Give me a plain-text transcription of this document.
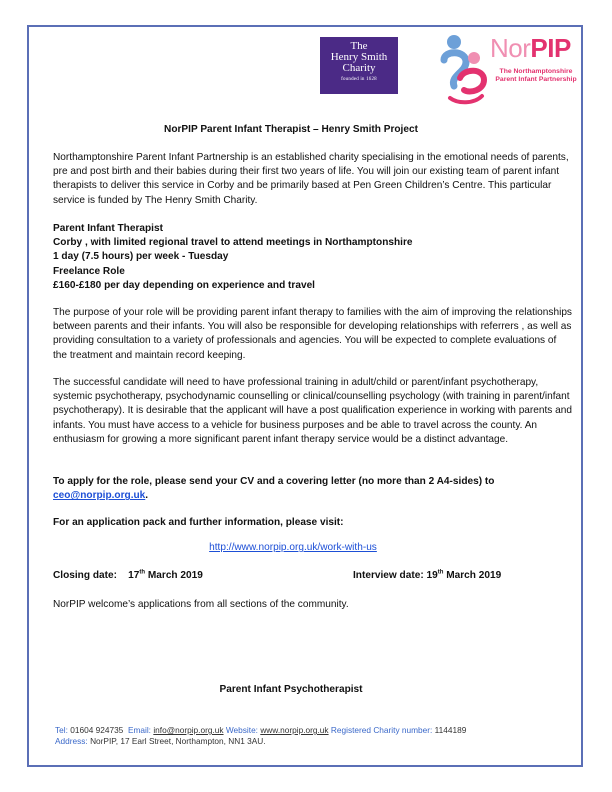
The
Henry Smith
Charity
founded in 1628
NorPIP
The Northamptonshire
Parent Infant Partnership
NorPIP Parent Infant Therapist – Henry Smith Project

Northamptonshire Parent Infant Partnership is an established charity specialising in the emotional needs of parents, pre and post birth and their babies during their first two years of life. You will join our existing team of parent infant therapists to deliver this service in Corby and be primarily based at Pen Green Children’s Centre. This particular service is funded by The Henry Smith Charity.

Parent Infant Therapist
Corby , with limited regional travel to attend meetings in Northamptonshire
1 day (7.5 hours) per week - Tuesday
Freelance Role
£160-£180 per day depending on experience and travel

The purpose of your role will be providing parent infant therapy to families with the aim of improving the relationships between parents and their infants. You will also be responsible for developing relationships with referrers , as well as providing consultation to a variety of professionals and agencies. You will be expected to complete evaluations of the treatment and maintain record keeping.

The successful candidate will need to have professional training in adult/child or parent/infant psychotherapy, systemic psychotherapy, psychodynamic counselling or clinical/counselling psychology (with training in parent/infant psychotherapy). It is desirable that the applicant will have a post qualification experience in working with parents and infants. You must have access to a vehicle for business purposes and be able to travel across the county. An enthusiasm for growing a more significant parent infant therapy service would be a distinct advantage.

To apply for the role, please send your CV and a covering letter (no more than 2 A4-sides) to ceo@norpip.org.uk.

For an application pack and further information, please visit:

http://www.norpip.org.uk/work-with-us
Closing date: 17th March 2019	Interview date: 19th March 2019

NorPIP welcome’s applications from all sections of the community.

Parent Infant Psychotherapist
Tel: 01604 924735 Email: info@norpip.org.uk Website: www.norpip.org.uk Registered Charity number: 1144189
Address: NorPIP, 17 Earl Street, Northampton, NN1 3AU.
